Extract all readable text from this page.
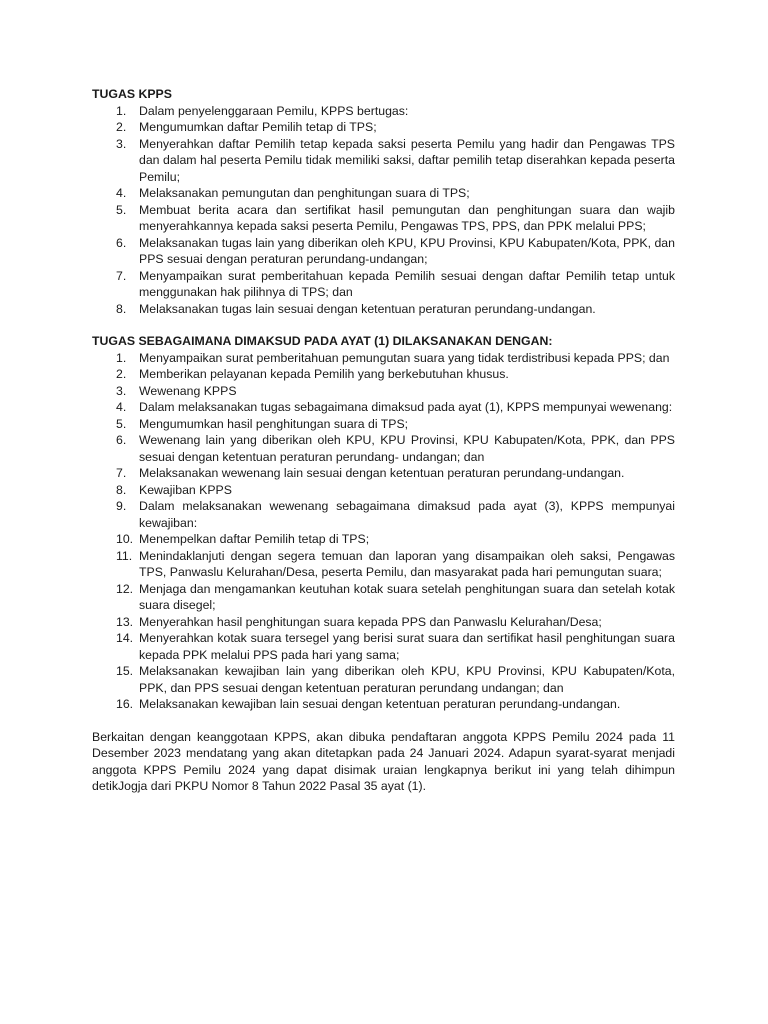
TUGAS KPPS

1.	Dalam penyelenggaraan Pemilu, KPPS bertugas:
2.	Mengumumkan daftar Pemilih tetap di TPS;
3.	Menyerahkan daftar Pemilih tetap kepada saksi peserta Pemilu yang hadir dan Pengawas TPS dan dalam hal peserta Pemilu tidak memiliki saksi, daftar pemilih tetap diserahkan kepada peserta Pemilu;
4.	Melaksanakan pemungutan dan penghitungan suara di TPS;
5.	Membuat berita acara dan sertifikat hasil pemungutan dan penghitungan suara dan wajib menyerahkannya kepada saksi peserta Pemilu, Pengawas TPS, PPS, dan PPK melalui PPS;
6.	Melaksanakan tugas lain yang diberikan oleh KPU, KPU Provinsi, KPU Kabupaten/Kota, PPK, dan PPS sesuai dengan peraturan perundang-undangan;
7.	Menyampaikan surat pemberitahuan kepada Pemilih sesuai dengan daftar Pemilih tetap untuk menggunakan hak pilihnya di TPS; dan
8.	Melaksanakan tugas lain sesuai dengan ketentuan peraturan perundang-undangan.

TUGAS SEBAGAIMANA DIMAKSUD PADA AYAT (1) DILAKSANAKAN DENGAN:

1.	Menyampaikan surat pemberitahuan pemungutan suara yang tidak terdistribusi kepada PPS; dan
2.	Memberikan pelayanan kepada Pemilih yang berkebutuhan khusus.
3.	Wewenang KPPS
4.	Dalam melaksanakan tugas sebagaimana dimaksud pada ayat (1), KPPS mempunyai wewenang:
5.	Mengumumkan hasil penghitungan suara di TPS;
6.	Wewenang lain yang diberikan oleh KPU, KPU Provinsi, KPU Kabupaten/Kota, PPK, dan PPS sesuai dengan ketentuan peraturan perundang- undangan; dan
7.	Melaksanakan wewenang lain sesuai dengan ketentuan peraturan perundang-undangan.
8.	Kewajiban KPPS
9.	Dalam melaksanakan wewenang sebagaimana dimaksud pada ayat (3), KPPS mempunyai kewajiban:
10. Menempelkan daftar Pemilih tetap di TPS;
11. Menindaklanjuti dengan segera temuan dan laporan yang disampaikan oleh saksi, Pengawas TPS, Panwaslu Kelurahan/Desa, peserta Pemilu, dan masyarakat pada hari pemungutan suara;
12. Menjaga dan mengamankan keutuhan kotak suara setelah penghitungan suara dan setelah kotak suara disegel;
13. Menyerahkan hasil penghitungan suara kepada PPS dan Panwaslu Kelurahan/Desa;
14. Menyerahkan kotak suara tersegel yang berisi surat suara dan sertifikat hasil penghitungan suara kepada PPK melalui PPS pada hari yang sama;
15. Melaksanakan kewajiban lain yang diberikan oleh KPU, KPU Provinsi, KPU Kabupaten/Kota, PPK, dan PPS sesuai dengan ketentuan peraturan perundang undangan; dan
16. Melaksanakan kewajiban lain sesuai dengan ketentuan peraturan perundang-undangan.

Berkaitan dengan keanggotaan KPPS, akan dibuka pendaftaran anggota KPPS Pemilu 2024 pada 11 Desember 2023 mendatang yang akan ditetapkan pada 24 Januari 2024. Adapun syarat-syarat menjadi anggota KPPS Pemilu 2024 yang dapat disimak uraian lengkapnya berikut ini yang telah dihimpun detikJogja dari PKPU Nomor 8 Tahun 2022 Pasal 35 ayat (1).
